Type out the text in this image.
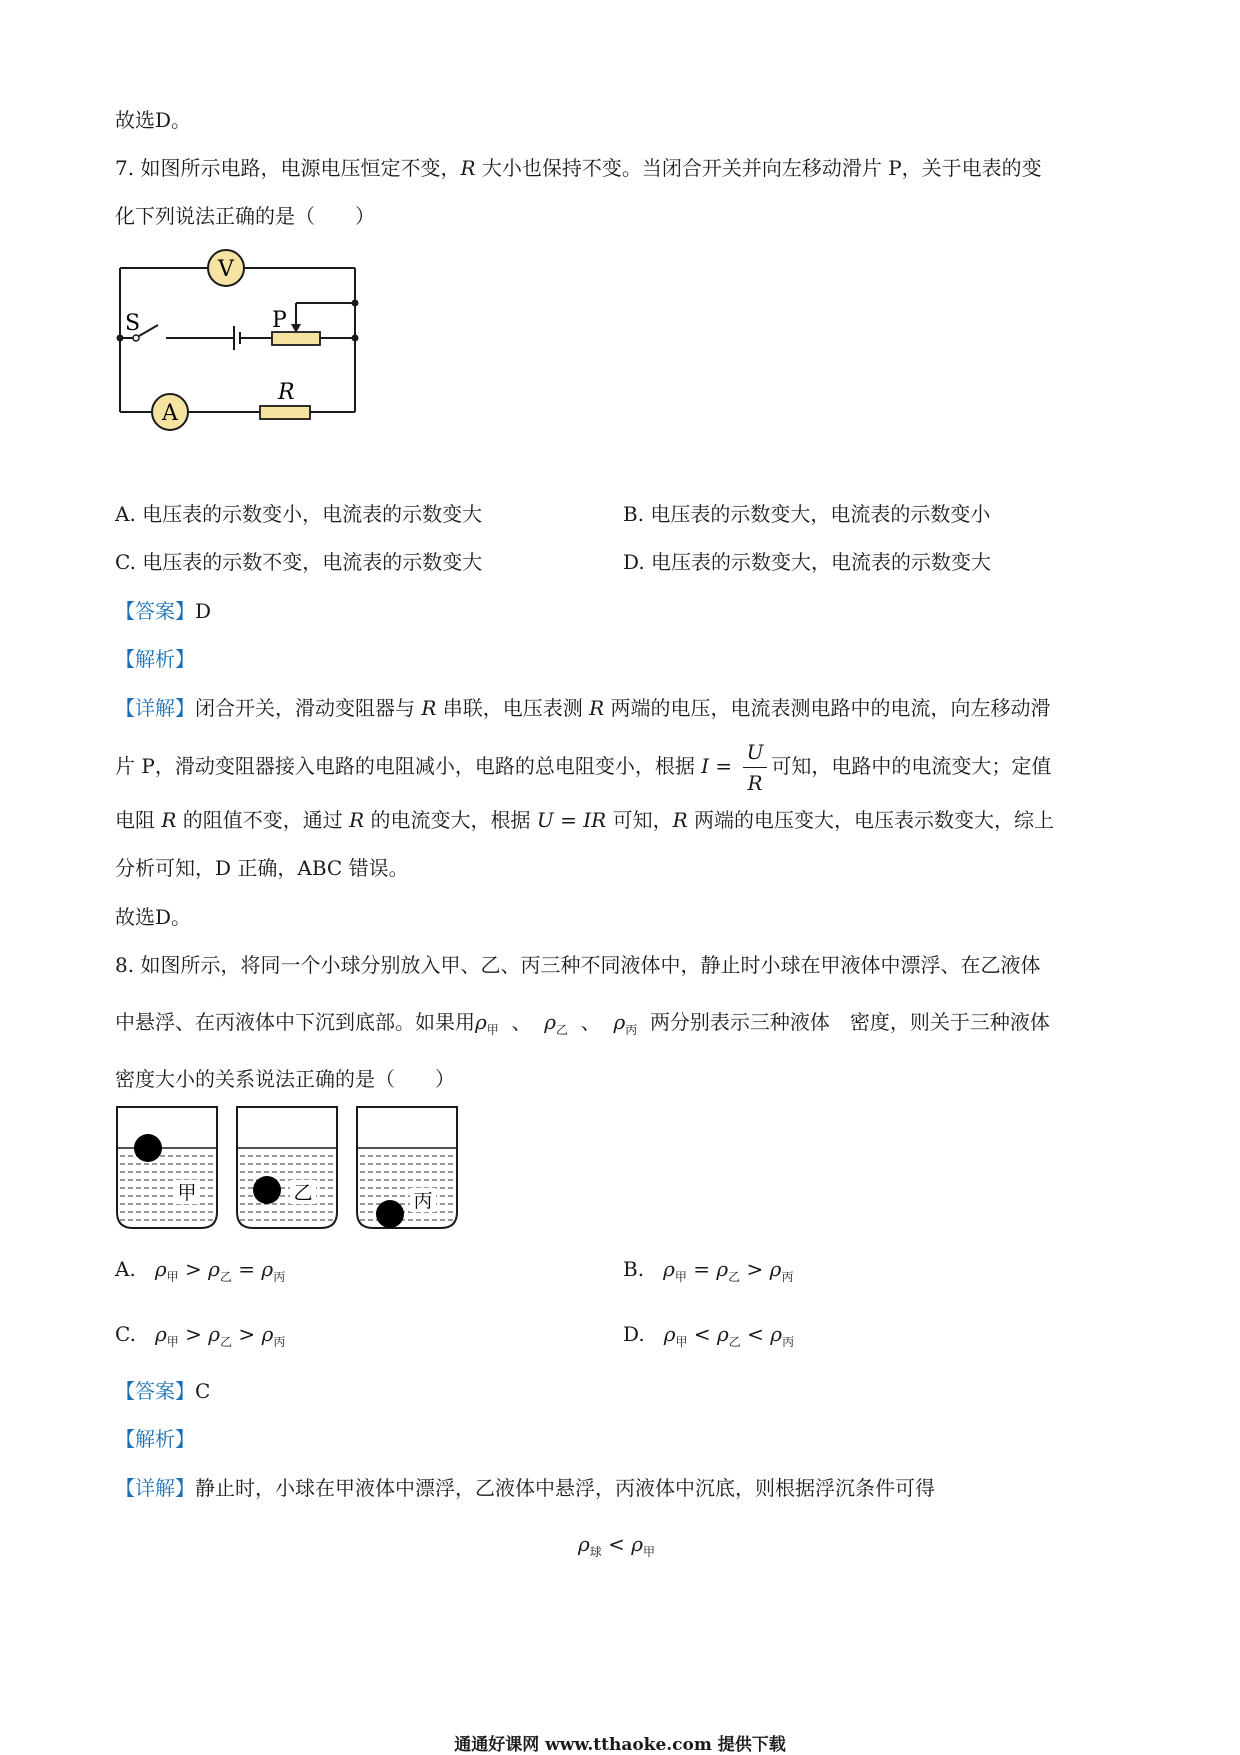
故选D。
7. 如图所示电路，电源电压恒定不变，R 大小也保持不变。当闭合开关并向左移动滑片 P，关于电表的变
化下列说法正确的是（　　）
V
A
S	P
R
A. 电压表的示数变小，电流表的示数变大	B. 电压表的示数变大，电流表的示数变小
C. 电压表的示数不变，电流表的示数变大	D. 电压表的示数变大，电流表的示数变大
【答案】D
【解析】
【详解】闭合开关，滑动变阻器与 R 串联，电压表测 R 两端的电压，电流表测电路中的电流，向左移动滑
片 P，滑动变阻器接入电路的电阻减小，电路的总电阻变小，根据 $I = \frac{U}{R}$ 可知，电路中的电流变大；定值
电阻 R 的阻值不变，通过 R 的电流变大，根据 U = IR 可知，R 两端的电压变大，电压表示数变大，综上
分析可知，D 正确，ABC 错误。
故选D。
8. 如图所示，将同一个小球分别放入甲、乙、丙三种不同液体中，静止时小球在甲液体中漂浮、在乙液体
中悬浮、在丙液体中下沉到底部。如果用$\rho_甲$ 、 $\rho_乙$ 、 $\rho_丙$ 两分别表示三种液体　密度，则关于三种液体
密度大小的关系说法正确的是（　　）
甲	乙	丙
A. $\rho_甲 > \rho_乙 = \rho_丙$	B. $\rho_甲 = \rho_乙 > \rho_丙$
C. $\rho_甲 > \rho_乙 > \rho_丙$	D. $\rho_甲 < \rho_乙 < \rho_丙$
【答案】C
【解析】
【详解】静止时，小球在甲液体中漂浮，乙液体中悬浮，丙液体中沉底，则根据浮沉条件可得
$\rho_球 < \rho_甲$
通通好课网 www.tthaoke.com 提供下载
